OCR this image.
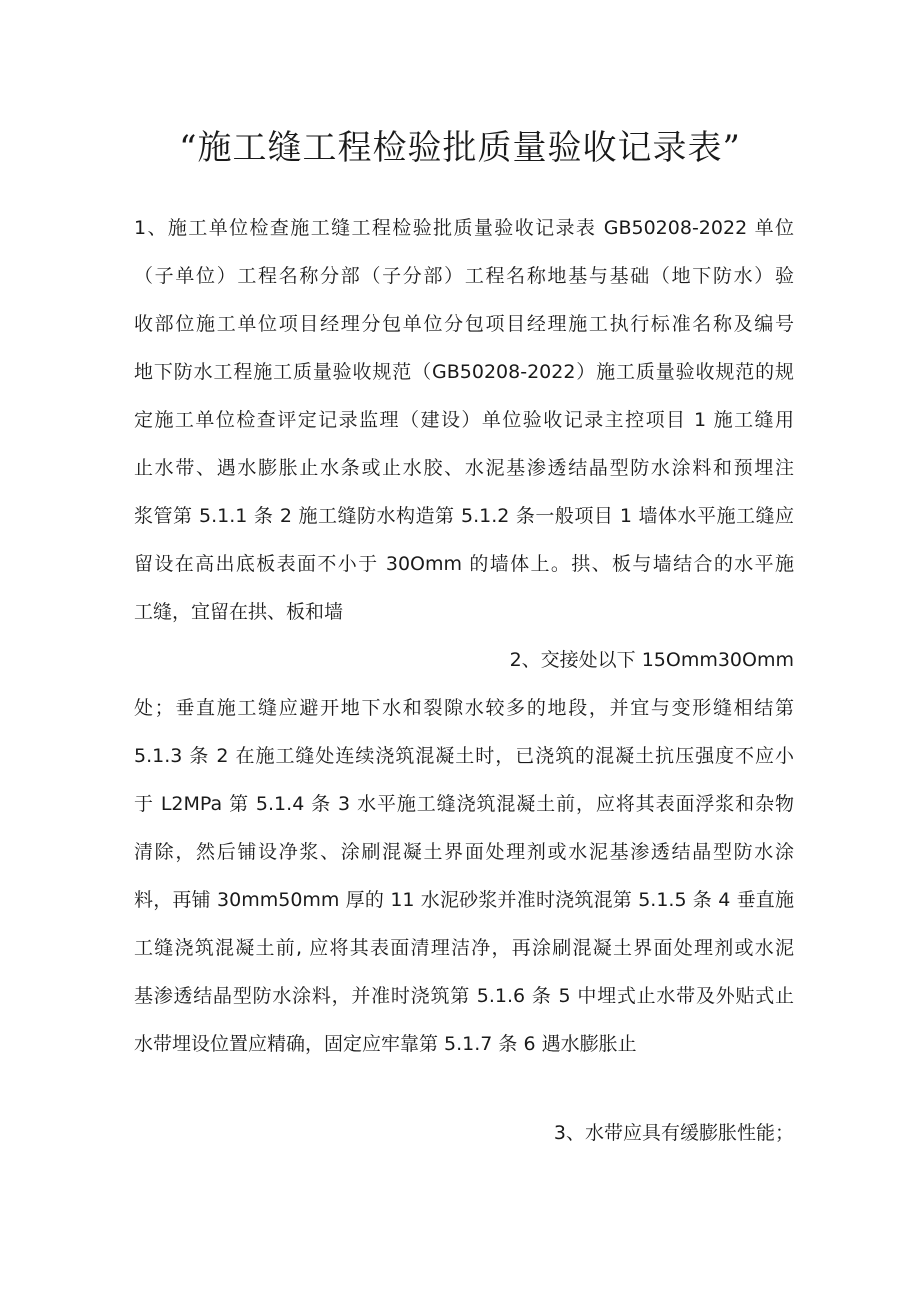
“施工缝工程检验批质量验收记录表”
1、施工单位检查施工缝工程检验批质量验收记录表 GB50208-2022 单位
（子单位）工程名称分部（子分部）工程名称地基与基础（地下防水）验
收部位施工单位项目经理分包单位分包项目经理施工执行标准名称及编号
地下防水工程施工质量验收规范（GB50208-2022）施工质量验收规范的规
定施工单位检查评定记录监理（建设）单位验收记录主控项目 1 施工缝用
止水带、遇水膨胀止水条或止水胶、水泥基渗透结晶型防水涂料和预埋注
浆管第 5.1.1 条 2 施工缝防水构造第 5.1.2 条一般项目 1 墙体水平施工缝应
留设在高出底板表面不小于 30Omm 的墙体上。拱、板与墙结合的水平施
工缝，宜留在拱、板和墙
2、交接处以下 15Omm30Omm
处；垂直施工缝应避开地下水和裂隙水较多的地段，并宜与变形缝相结第
5.1.3 条 2 在施工缝处连续浇筑混凝土时，已浇筑的混凝土抗压强度不应小
于 L2MPa 第 5.1.4 条 3 水平施工缝浇筑混凝土前，应将其表面浮浆和杂物
清除，然后铺设净浆、涂刷混凝土界面处理剂或水泥基渗透结晶型防水涂
料，再铺 30mm50mm 厚的 11 水泥砂浆并准时浇筑混第 5.1.5 条 4 垂直施
工缝浇筑混凝土前, 应将其表面清理洁净，再涂刷混凝土界面处理剂或水泥
基渗透结晶型防水涂料，并准时浇筑第 5.1.6 条 5 中埋式止水带及外贴式止
水带埋设位置应精确，固定应牢靠第 5.1.7 条 6 遇水膨胀止
3、水带应具有缓膨胀性能；
